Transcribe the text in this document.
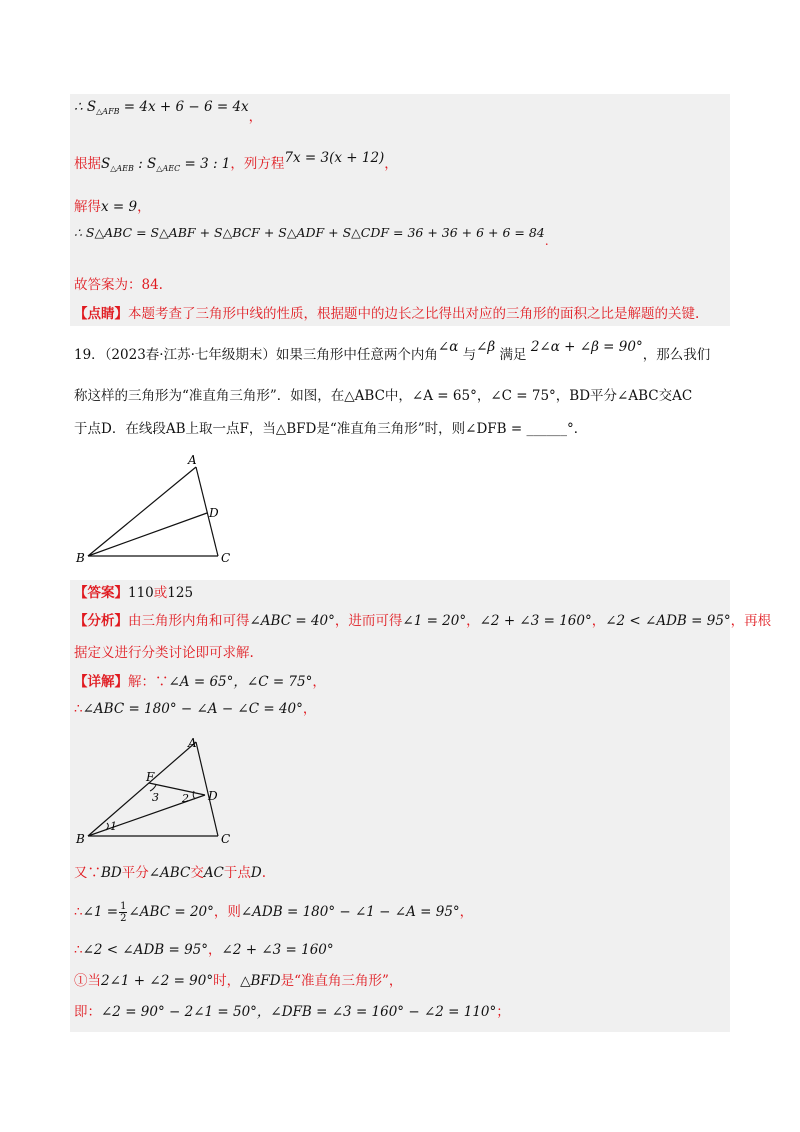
∴ $S_{\triangle AFB} = 4x + 6 - 6 = 4x$，
根据$S_{\triangle AEB}$ : $S_{\triangle AEC} = 3$ : 1，列方程7x = 3(x + 12)，
解得x = 9，
∴ S△ABC = S△ABF + S△BCF + S△ADF + S△CDF = 36 + 36 + 6 + 6 = 84.
故答案为：84.
【点睛】本题考查了三角形中线的性质，根据题中的边长之比得出对应的三角形的面积之比是解题的关键.
19．（2023春·江苏·七年级期末）如果三角形中任意两个内角∠α 与∠β 满足 2∠α + ∠β = 90°，那么我们
称这样的三角形为“准直角三角形”．如图，在△ABC中，∠A = 65°，∠C = 75°，BD平分∠ABC交AC
于点D．在线段AB上取一点F，当△BFD是“准直角三角形”时，则∠DFB = ______°．
A
B	C
D
【答案】110或125
【分析】由三角形内角和可得∠ABC = 40°，进而可得∠1 = 20°，∠2 + ∠3 = 160°，∠2 < ∠ADB = 95°，再根
据定义进行分类讨论即可求解.
【详解】解：∵∠A = 65°，∠C = 75°，
∴∠ABC = 180° − ∠A − ∠C = 40°，
A
B	C
D
F
1
2
3
又∵BD平分∠ABC交AC于点D.
∴∠1 = $\frac{1}{2}$ ∠ABC = 20°，则∠ADB = 180° − ∠1 − ∠A = 95°，
∴∠2 < ∠ADB = 95°，∠2 + ∠3 = 160°
①当2∠1 + ∠2 = 90°时，△BFD是“准直角三角形”，
即：∠2 = 90° − 2∠1 = 50°，∠DFB = ∠3 = 160° − ∠2 = 110°；
